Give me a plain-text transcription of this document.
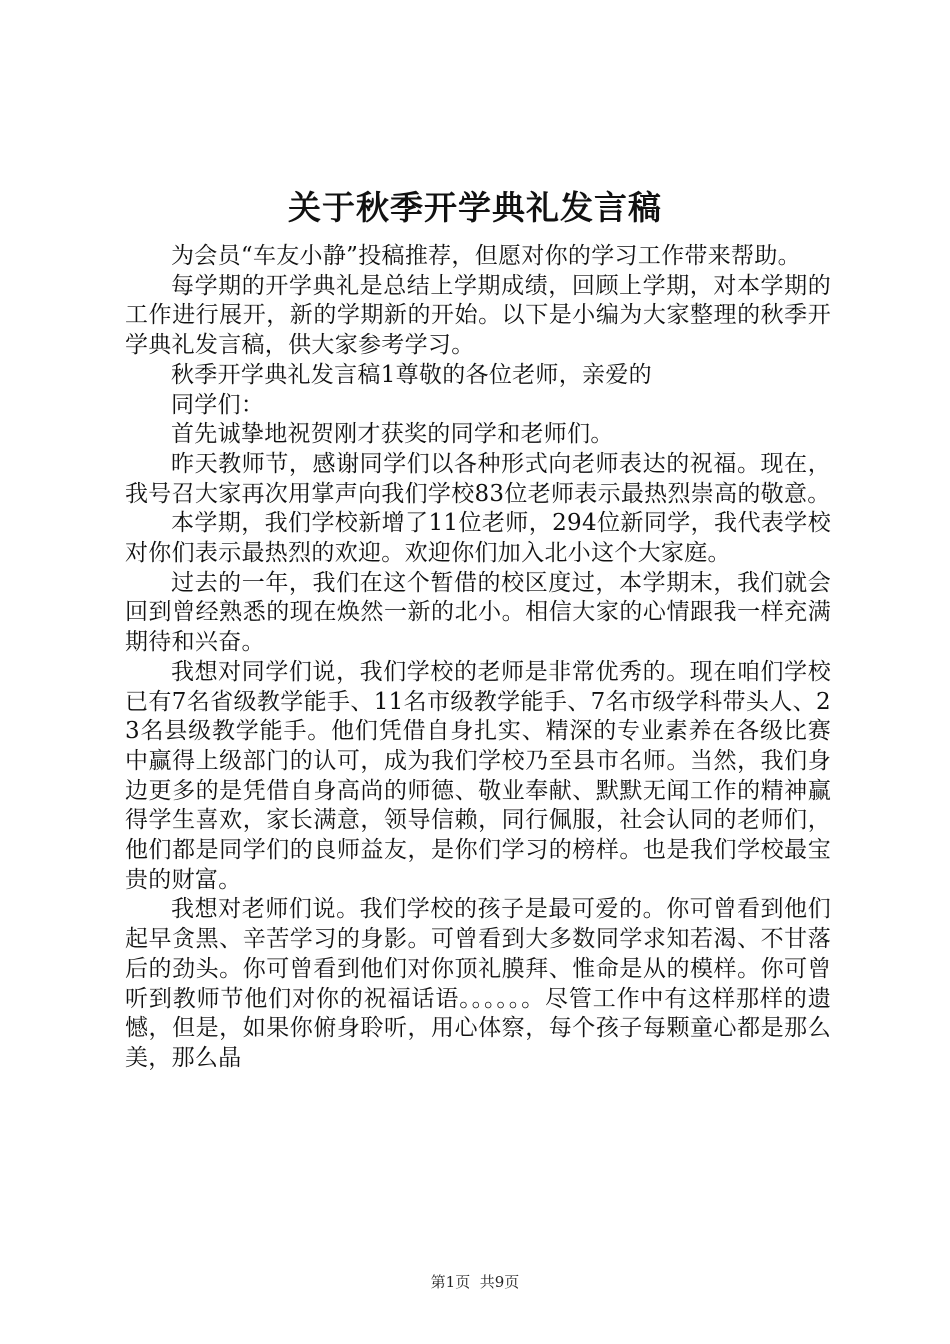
关于秋季开学典礼发言稿

为会员“车友小静”投稿推荐，但愿对你的学习工作带来帮助。

每学期的开学典礼是总结上学期成绩，回顾上学期，对本学期的工作进行展开，新的学期新的开始。以下是小编为大家整理的秋季开学典礼发言稿，供大家参考学习。

秋季开学典礼发言稿1尊敬的各位老师，亲爱的

同学们：

首先诚挚地祝贺刚才获奖的同学和老师们。

昨天教师节，感谢同学们以各种形式向老师表达的祝福。现在，我号召大家再次用掌声向我们学校83位老师表示最热烈崇高的敬意。

本学期，我们学校新增了11位老师，294位新同学，我代表学校对你们表示最热烈的欢迎。欢迎你们加入北小这个大家庭。

过去的一年，我们在这个暂借的校区度过，本学期末，我们就会回到曾经熟悉的现在焕然一新的北小。相信大家的心情跟我一样充满期待和兴奋。

我想对同学们说，我们学校的老师是非常优秀的。现在咱们学校已有7名省级教学能手、11名市级教学能手、7名市级学科带头人、23名县级教学能手。他们凭借自身扎实、精深的专业素养在各级比赛中赢得上级部门的认可，成为我们学校乃至县市名师。当然，我们身边更多的是凭借自身高尚的师德、敬业奉献、默默无闻工作的精神赢得学生喜欢，家长满意，领导信赖，同行佩服，社会认同的老师们，他们都是同学们的良师益友，是你们学习的榜样。也是我们学校最宝贵的财富。

我想对老师们说。我们学校的孩子是最可爱的。你可曾看到他们起早贪黑、辛苦学习的身影。可曾看到大多数同学求知若渴、不甘落后的劲头。你可曾看到他们对你顶礼膜拜、惟命是从的模样。你可曾听到教师节他们对你的祝福话语。。。。。。尽管工作中有这样那样的遗憾，但是，如果你俯身聆听，用心体察，每个孩子每颗童心都是那么美，那么晶

第1页 共9页
